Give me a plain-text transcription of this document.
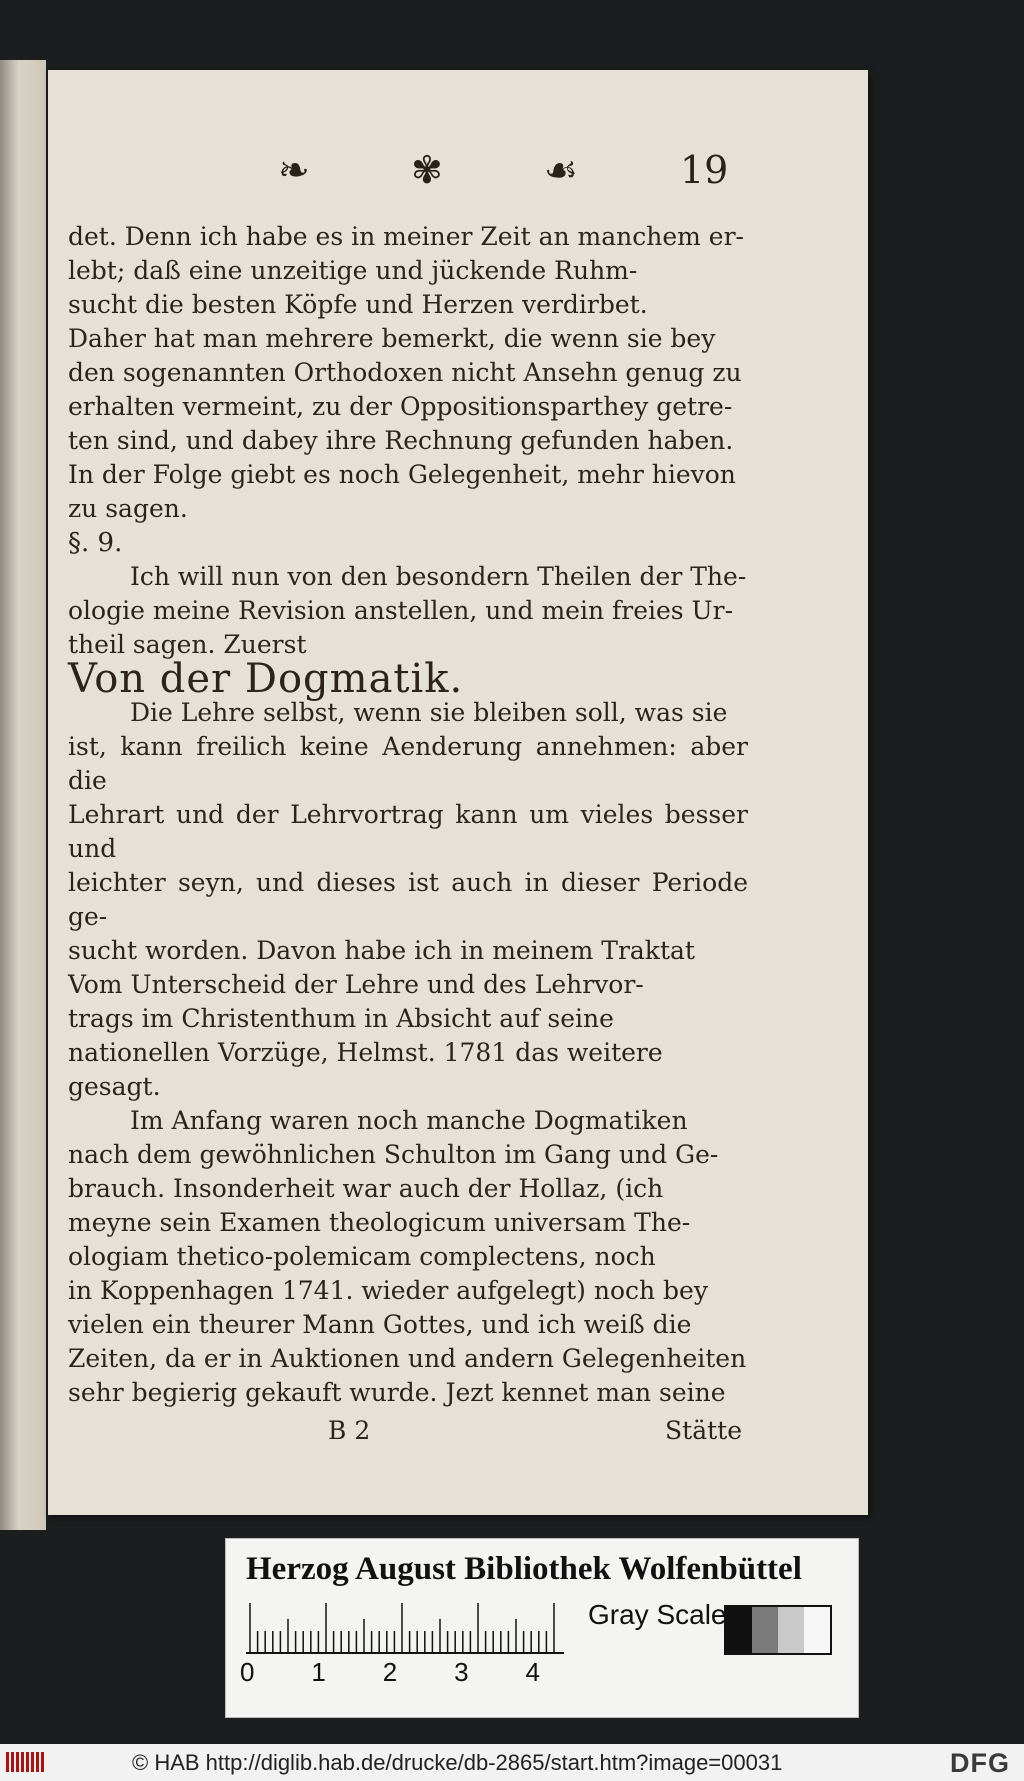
❧	✾	☙	19

det. Denn ich habe es in meiner Zeit an manchem er-

lebt; daß eine unzeitige und jückende Ruhm-

sucht die besten Köpfe und Herzen verdirbet.

Daher hat man mehrere bemerkt, die wenn sie bey

den sogenannten Orthodoxen nicht Ansehn genug zu

erhalten vermeint, zu der Oppositionsparthey getre-

ten sind, und dabey ihre Rechnung gefunden haben.

In der Folge giebt es noch Gelegenheit, mehr hievon

zu sagen.

§. 9.

Ich will nun von den besondern Theilen der The-

ologie meine Revision anstellen, und mein freies Ur-

theil sagen. Zuerst

Von der Dogmatik.

Die Lehre selbst, wenn sie bleiben soll, was sie

ist, kann freilich keine Aenderung annehmen: aber die

Lehrart und der Lehrvortrag kann um vieles besser und

leichter seyn, und dieses ist auch in dieser Periode ge-

sucht worden. Davon habe ich in meinem Traktat

Vom Unterscheid der Lehre und des Lehrvor-

trags im Christenthum in Absicht auf seine

nationellen Vorzüge, Helmst. 1781 das weitere

gesagt.

Im Anfang waren noch manche Dogmatiken

nach dem gewöhnlichen Schulton im Gang und Ge-

brauch. Insonderheit war auch der Hollaz, (ich

meyne sein Examen theologicum universam The-

ologiam thetico-polemicam complectens, noch

in Koppenhagen 1741. wieder aufgelegt) noch bey

vielen ein theurer Mann Gottes, und ich weiß die

Zeiten, da er in Auktionen und andern Gelegenheiten

sehr begierig gekauft wurde. Jezt kennet man seine

B 2	Stätte
Herzog August Bibliothek Wolfenbüttel
0 1 2 3 4
Gray Scale
© HAB http://diglib.hab.de/drucke/db-2865/start.htm?image=00031	DFG
